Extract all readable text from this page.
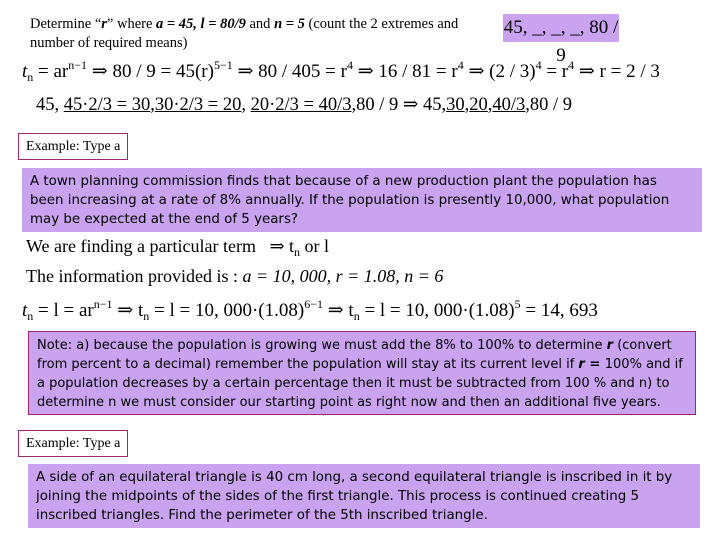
Determine “r” where a = 45, l = 80/9 and n = 5 (count the 2 extremes and number of required means)
45, _, _, _, 80 / 9
$t_n = ar^{n-1}$ ⇒ $80 / 9 = 45(r)^{5-1}$ ⇒ $80 / 405 = r^4$ ⇒ $16 / 81 = r^4$ ⇒ $(2 / 3)^4 = r^4$ ⇒ r = 2 / 3
45, 45·2/3 = 30,30·2/3 = 20, 20·2/3 = 40/3,80 / 9 ⇒ 45,30,20,40/3,80 / 9
Example: Type a
A town planning commission finds that because of a new production plant the population has been increasing at a rate of 8% annually. If the population is presently 10,000, what population may be expected at the end of 5 years?
We are finding a particular term ⇒ $t_n$ or l
The information provided is : a = 10, 000, r = 1.08, n = 6
$t_n = l = ar^{n-1}$ ⇒ $t_n = l = 10$, $000\cdot(1.08)^{6-1}$ ⇒ $t_n = l = 10$, $000\cdot(1.08)^5 = 14$, 693
Note: a) because the population is growing we must add the 8% to 100% to determine r (convert from percent to a decimal) remember the population will stay at its current level if r = 100% and if a population decreases by a certain percentage then it must be subtracted from 100 % and n) to determine n we must consider our starting point as right now and then an additional five years.
Example: Type a
A side of an equilateral triangle is 40 cm long, a second equilateral triangle is inscribed in it by joining the midpoints of the sides of the first triangle. This process is continued creating 5 inscribed triangles. Find the perimeter of the 5th inscribed triangle.
